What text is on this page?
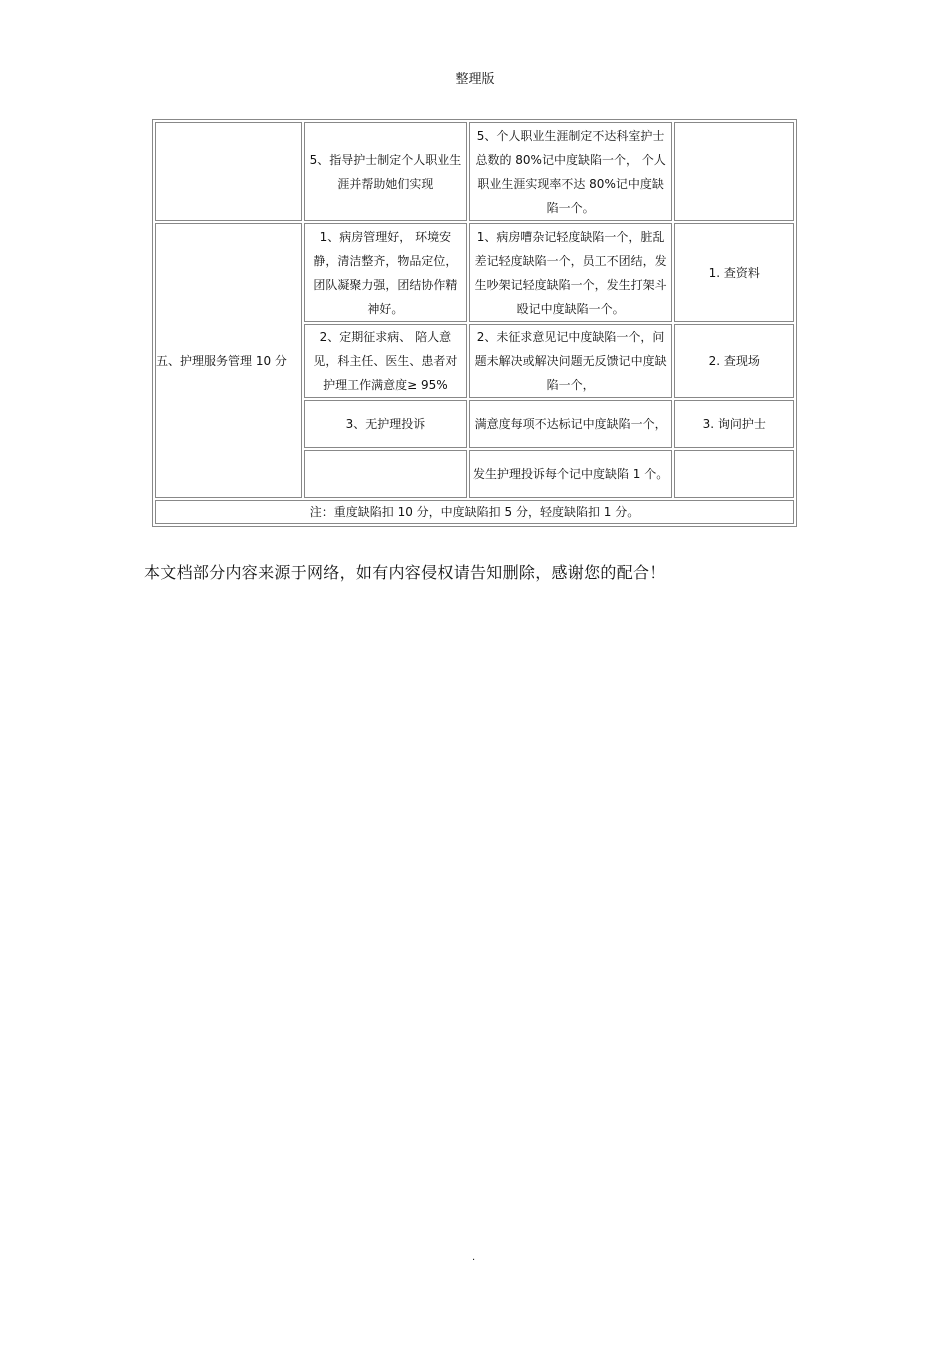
整理版
	5、指导护士制定个人职业生涯并帮助她们实现	5、个人职业生涯制定不达科室护士总数的 80%记中度缺陷一个， 个人职业生涯实现率不达 80%记中度缺陷一个。	
五、护理服务管理 10 分	1、病房管理好， 环境安静，清洁整齐，物品定位，团队凝聚力强，团结协作精神好。	1、病房嘈杂记轻度缺陷一个，脏乱差记轻度缺陷一个，员工不团结，发生吵架记轻度缺陷一个，发生打架斗殴记中度缺陷一个。	1. 查资料
	2、定期征求病、 陪人意见，科主任、医生、患者对护理工作满意度≥ 95%	2、未征求意见记中度缺陷一个，问题未解决或解决问题无反馈记中度缺陷一个，	2. 查现场
	3、无护理投诉	满意度每项不达标记中度缺陷一个，	3. 询问护士
		发生护理投诉每个记中度缺陷 1 个。	
注：重度缺陷扣 10 分，中度缺陷扣 5 分，轻度缺陷扣 1 分。			
本文档部分内容来源于网络，如有内容侵权请告知删除，感谢您的配合！
.
